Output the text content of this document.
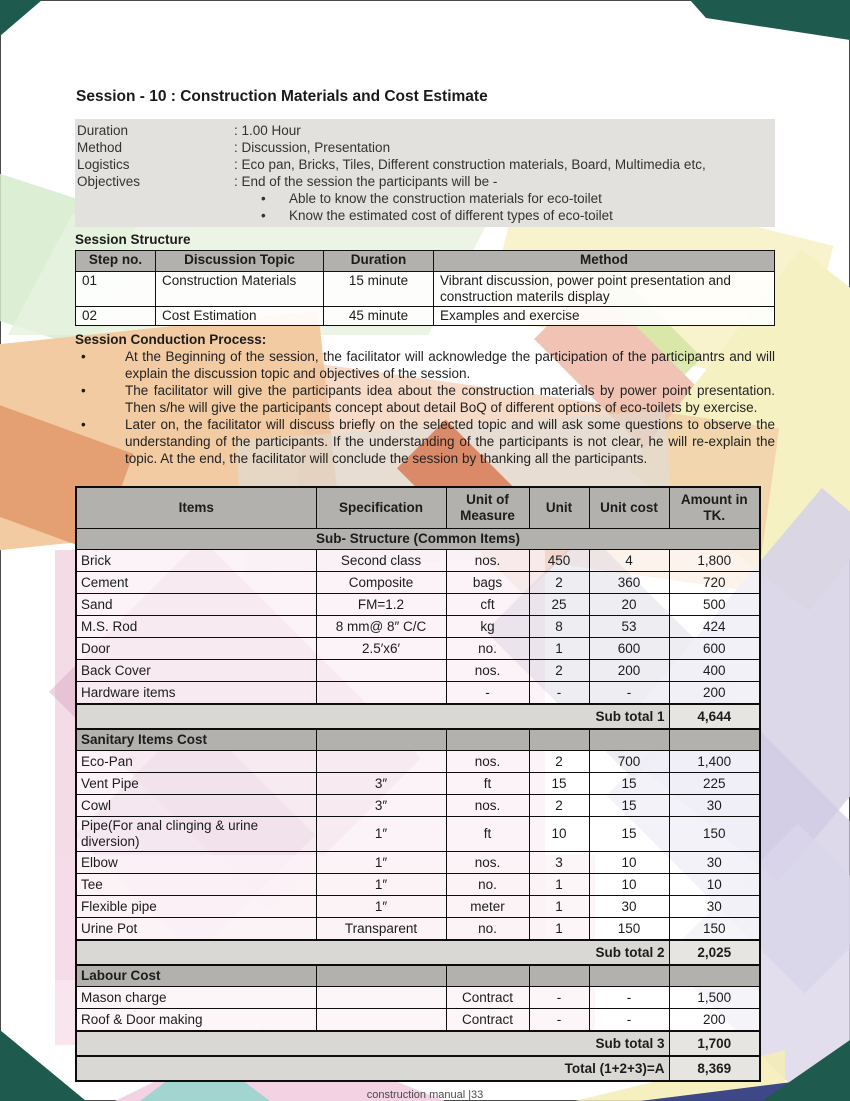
Session - 10 : Construction Materials and Cost Estimate
Duration	: 1.00 Hour
Method	: Discussion, Presentation
Logistics	: Eco pan, Bricks, Tiles, Different construction materials, Board, Multimedia etc,
Objectives	: End of the session the participants will be -
•	Able to know the construction materials for eco-toilet
•	Know the estimated cost of different types of eco-toilet
Session Structure
Step no.	Discussion Topic	Duration	Method
01	Construction Materials	15 minute	Vibrant discussion, power point presentation and construction materils display
02	Cost Estimation	45 minute	Examples and exercise
Session Conduction Process:
•	At the Beginning of the session, the facilitator will acknowledge the participation of the participantrs and will explain the discussion topic and objectives of the session.

•	The facilitator will give the participants idea about the construction materials by power point presentation. Then s/he will give the participants concept about detail BoQ of different options of eco-toilets by exercise.

•	Later on, the facilitator will discuss briefly on the selected topic and will ask some questions to observe the understanding of the participants. If the understanding of the participants is not clear, he will re-explain the topic. At the end, the facilitator will conclude the session by thanking all the participants.

Items	Specification	Unit of Measure	Unit	Unit cost	Amount in TK.
Sub- Structure (Common Items)					
Brick	Second class	nos.	450	4	1,800
Cement	Composite	bags	2	360	720
Sand	FM=1.2	cft	25	20	500
M.S. Rod	8 mm@ 8″ C/C	kg	8	53	424
Door	2.5′x6′	no.	1	600	600
Back Cover		nos.	2	200	400
Hardware items		-	-	-	200
Sub total 1					4,644
Sanitary Items Cost					
Eco-Pan		nos.	2	700	1,400
Vent Pipe	3″	ft	15	15	225
Cowl	3″	nos.	2	15	30
Pipe(For anal clinging & urine diversion)	1″	ft	10	15	150
Elbow	1″	nos.	3	10	30
Tee	1″	no.	1	10	10
Flexible pipe	1″	meter	1	30	30
Urine Pot	Transparent	no.	1	150	150
Sub total 2					2,025
Labour Cost					
Mason charge		Contract	-	-	1,500
Roof & Door making		Contract	-	-	200
Sub total 3					1,700
Total (1+2+3)=A					8,369
construction manual |33
